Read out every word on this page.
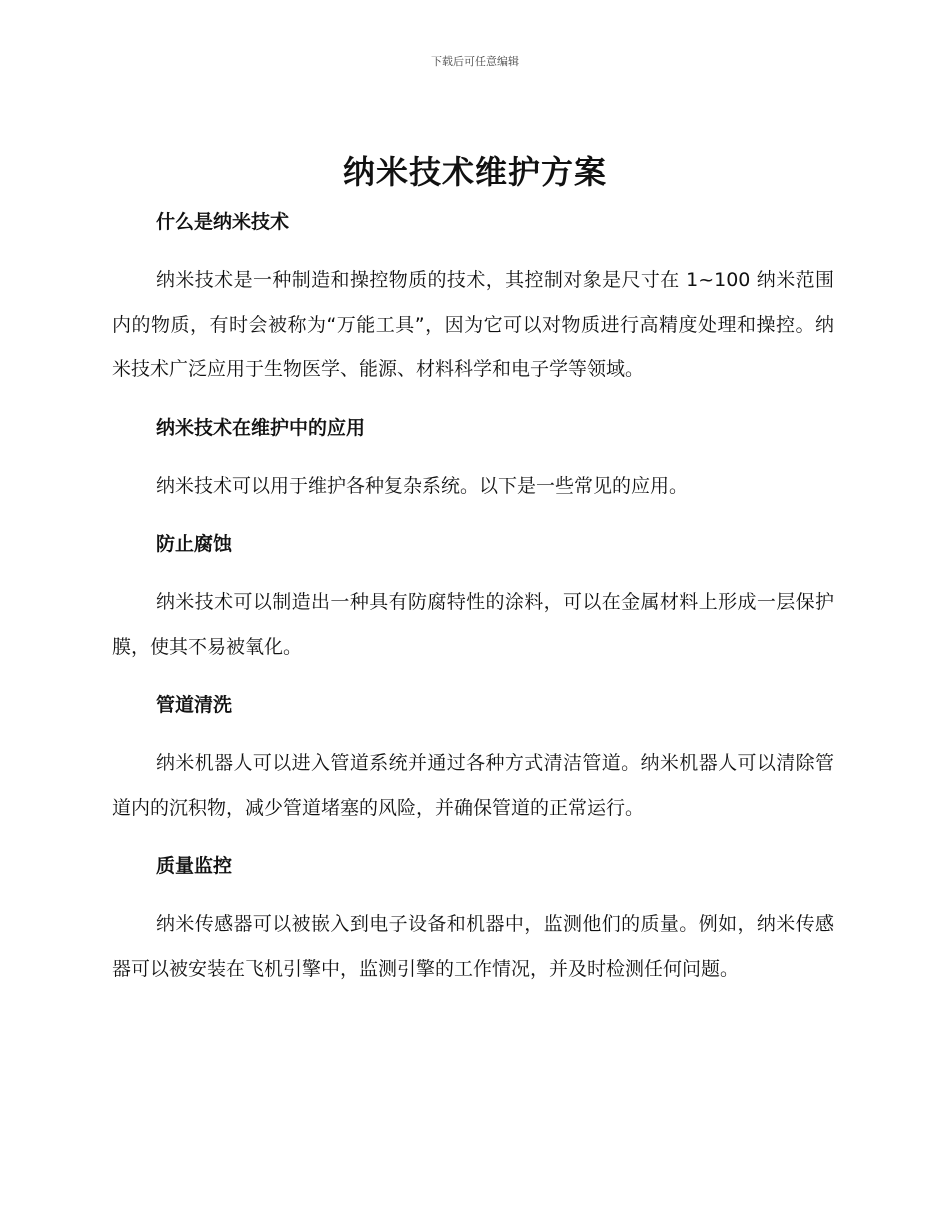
下载后可任意编辑
纳米技术维护方案
什么是纳米技术

纳米技术是一种制造和操控物质的技术，其控制对象是尺寸在 1~100 纳米范围内的物质，有时会被称为“万能工具”，因为它可以对物质进行高精度处理和操控。纳米技术广泛应用于生物医学、能源、材料科学和电子学等领域。

纳米技术在维护中的应用

纳米技术可以用于维护各种复杂系统。以下是一些常见的应用。

防止腐蚀

纳米技术可以制造出一种具有防腐特性的涂料，可以在金属材料上形成一层保护膜，使其不易被氧化。

管道清洗

纳米机器人可以进入管道系统并通过各种方式清洁管道。纳米机器人可以清除管道内的沉积物，减少管道堵塞的风险，并确保管道的正常运行。

质量监控

纳米传感器可以被嵌入到电子设备和机器中，监测他们的质量。例如，纳米传感器可以被安装在飞机引擎中，监测引擎的工作情况，并及时检测任何问题。
